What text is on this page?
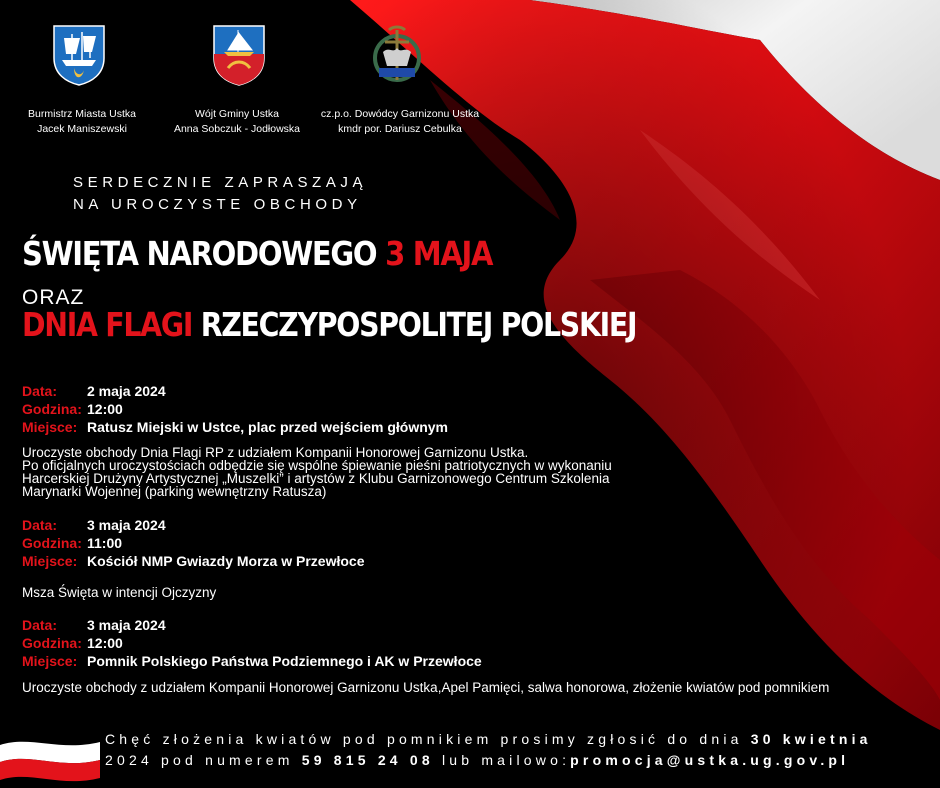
Burmistrz Miasta Ustka
Jacek Maniszewski
Wójt Gminy Ustka
Anna Sobczuk - Jodłowska
cz.p.o. Dowódcy Garnizonu Ustka
kmdr por. Dariusz Cebulka
SERDECZNIE ZAPRASZAJĄ
NA UROCZYSTE OBCHODY
ŚWIĘTA NARODOWEGO 3 MAJA
ORAZ
DNIA FLAGI RZECZYPOSPOLITEJ POLSKIEJ
Data:	2 maja 2024
Godzina: 12:00
Miejsce: Ratusz Miejski w Ustce, plac przed wejściem głównym
Uroczyste obchody Dnia Flagi RP z udziałem Kompanii Honorowej Garnizonu Ustka.
Po oficjalnych uroczystościach odbędzie się wspólne śpiewanie pieśni patriotycznych w wykonaniu
Harcerskiej Drużyny Artystycznej „Muszelki” i artystów z Klubu Garnizonowego Centrum Szkolenia
Marynarki Wojennej (parking wewnętrzny Ratusza)
Data:	3 maja 2024
Godzina: 11:00
Miejsce: Kościół NMP Gwiazdy Morza w Przewłoce
Msza Święta w intencji Ojczyzny
Data:	3 maja 2024
Godzina: 12:00
Miejsce: Pomnik Polskiego Państwa Podziemnego i AK w Przewłoce
Uroczyste obchody z udziałem Kompanii Honorowej Garnizonu Ustka,Apel Pamięci, salwa honorowa, złożenie kwiatów pod pomnikiem
Chęć złożenia kwiatów pod pomnikiem prosimy zgłosić do dnia 30 kwietnia
2024 pod numerem 59 815 24 08 lub mailowo:promocja@ustka.ug.gov.pl
